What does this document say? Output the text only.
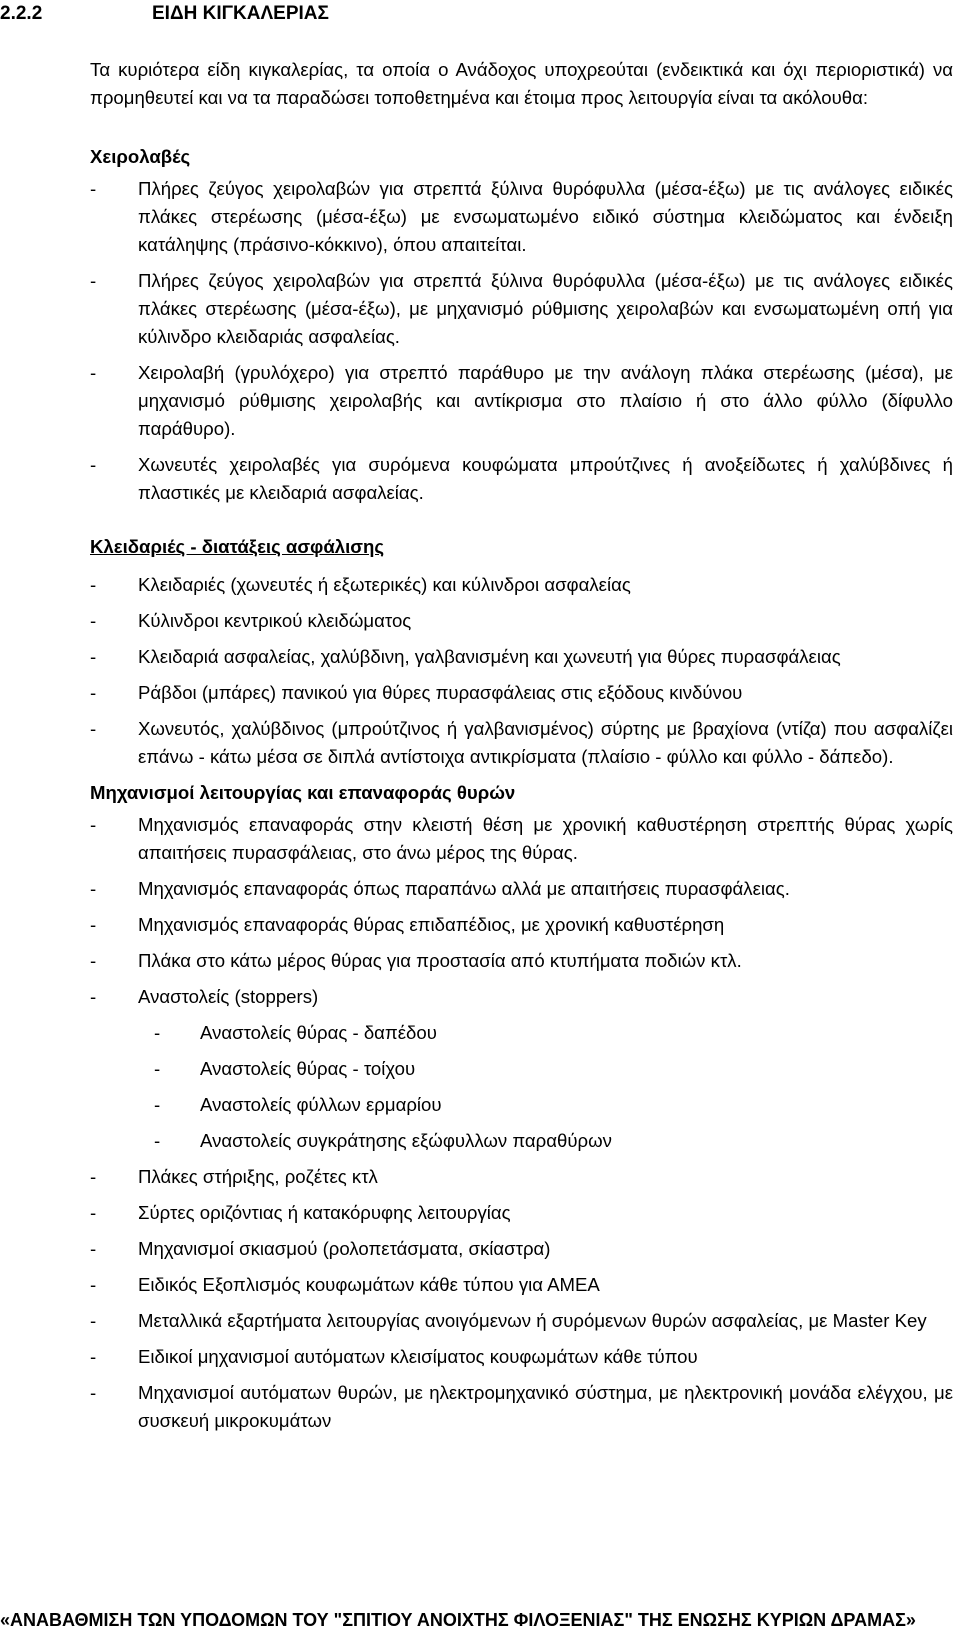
2.2.2	ΕΙΔΗ ΚΙΓΚΑΛΕΡΙΑΣ
Τα κυριότερα είδη κιγκαλερίας, τα οποία ο Ανάδοχος υποχρεούται (ενδεικτικά και όχι περιοριστικά) να προμηθευτεί και να τα παραδώσει τοποθετημένα και έτοιμα προς λειτουργία είναι τα ακόλουθα:
Χειρολαβές
- Πλήρες ζεύγος χειρολαβών για στρεπτά ξύλινα θυρόφυλλα (μέσα-έξω) με τις ανάλογες ειδικές πλάκες στερέωσης (μέσα-έξω) με ενσωματωμένο ειδικό σύστημα κλειδώματος και ένδειξη κατάληψης (πράσινο-κόκκινο), όπου απαιτείται.
- Πλήρες ζεύγος χειρολαβών για στρεπτά ξύλινα θυρόφυλλα (μέσα-έξω) με τις ανάλογες ειδικές πλάκες στερέωσης (μέσα-έξω), με μηχανισμό ρύθμισης χειρολαβών και ενσωματωμένη οπή για κύλινδρο κλειδαριάς ασφαλείας.
- Χειρολαβή (γρυλόχερο) για στρεπτό παράθυρο με την ανάλογη πλάκα στερέωσης (μέσα), με μηχανισμό ρύθμισης χειρολαβής και αντίκρισμα στο πλαίσιο ή στο άλλο φύλλο (δίφυλλο παράθυρο).
- Χωνευτές χειρολαβές για συρόμενα κουφώματα μπρούτζινες ή ανοξείδωτες ή χαλύβδινες ή πλαστικές με κλειδαριά ασφαλείας.
Κλειδαριές - διατάξεις ασφάλισης
- Κλειδαριές (χωνευτές ή εξωτερικές) και κύλινδροι ασφαλείας
- Κύλινδροι κεντρικού κλειδώματος
- Κλειδαριά ασφαλείας, χαλύβδινη, γαλβανισμένη και χωνευτή για θύρες πυρασφάλειας
- Ράβδοι (μπάρες) πανικού για θύρες πυρασφάλειας στις εξόδους κινδύνου
- Χωνευτός, χαλύβδινος (μπρούτζινος ή γαλβανισμένος) σύρτης με βραχίονα (ντίζα) που ασφαλίζει επάνω - κάτω μέσα σε διπλά αντίστοιχα αντικρίσματα (πλαίσιο - φύλλο και φύλλο - δάπεδο).
Μηχανισμοί λειτουργίας και επαναφοράς θυρών
- Μηχανισμός επαναφοράς στην κλειστή θέση με χρονική καθυστέρηση στρεπτής θύρας χωρίς απαιτήσεις πυρασφάλειας, στο άνω μέρος της θύρας.
- Μηχανισμός επαναφοράς όπως παραπάνω αλλά με απαιτήσεις πυρασφάλειας.
- Μηχανισμός επαναφοράς θύρας επιδαπέδιος, με χρονική καθυστέρηση
- Πλάκα στο κάτω μέρος θύρας για προστασία από κτυπήματα ποδιών κτλ.
- Αναστολείς (stoppers)
- Αναστολείς θύρας - δαπέδου
- Αναστολείς θύρας - τοίχου
- Αναστολείς φύλλων ερμαρίου
- Αναστολείς συγκράτησης εξώφυλλων παραθύρων
- Πλάκες στήριξης, ροζέτες κτλ
- Σύρτες οριζόντιας ή κατακόρυφης λειτουργίας
- Μηχανισμοί σκιασμού (ρολοπετάσματα, σκίαστρα)
- Ειδικός Εξοπλισμός κουφωμάτων κάθε τύπου για ΑΜΕΑ
- Μεταλλικά εξαρτήματα λειτουργίας ανοιγόμενων ή συρόμενων θυρών ασφαλείας, με Master Key
- Ειδικοί μηχανισμοί αυτόματων κλεισίματος κουφωμάτων κάθε τύπου
- Μηχανισμοί αυτόματων θυρών, με ηλεκτρομηχανικό σύστημα, με ηλεκτρονική μονάδα ελέγχου, με συσκευή μικροκυμάτων
«ΑΝΑΒΑΘΜΙΣΗ ΤΩΝ ΥΠΟΔΟΜΩΝ ΤΟΥ "ΣΠΙΤΙΟΥ ΑΝΟΙΧΤΗΣ ΦΙΛΟΞΕΝΙΑΣ" ΤΗΣ ΕΝΩΣΗΣ ΚΥΡΙΩΝ ΔΡΑΜΑΣ»
